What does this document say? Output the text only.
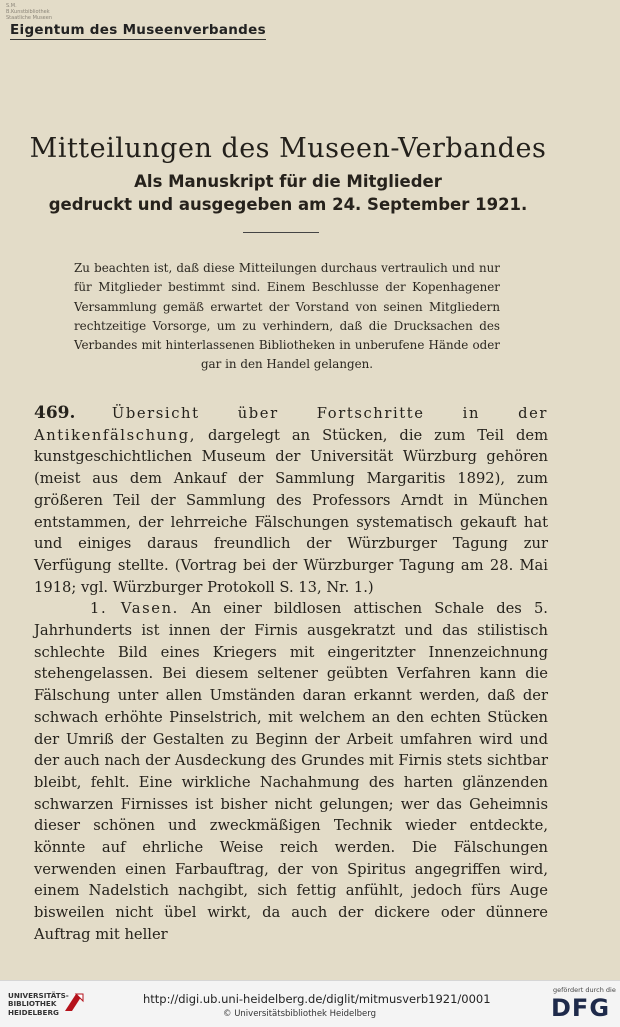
S.M.
B.Kunstbibliothek
Staatliche Museen
Eigentum des Museenverbandes
Mitteilungen des Museen-Verbandes
Als Manuskript für die Mitglieder
gedruckt und ausgegeben am 24. September 1921.
Zu beachten ist, daß diese Mitteilungen durchaus vertraulich und nur für Mitglieder bestimmt sind. Einem Beschlusse der Kopenhagener Versammlung gemäß erwartet der Vorstand von seinen Mitgliedern rechtzeitige Vorsorge, um zu verhindern, daß die Drucksachen des Verbandes mit hinterlassenen Bibliotheken in unberufene Hände oder gar in den Handel gelangen.

469. Übersicht über Fortschritte in der Antikenfälschung, dargelegt an Stücken, die zum Teil dem kunstgeschichtlichen Museum der Universität Würzburg gehören (meist aus dem Ankauf der Sammlung Margaritis 1892), zum größeren Teil der Sammlung des Professors Arndt in München entstammen, der lehrreiche Fälschungen systematisch gekauft hat und einiges daraus freundlich der Würzburger Tagung zur Verfügung stellte. (Vortrag bei der Würzburger Tagung am 28. Mai 1918; vgl. Würzburger Protokoll S. 13, Nr. 1.)

1. Vasen. An einer bildlosen attischen Schale des 5. Jahrhunderts ist innen der Firnis ausgekratzt und das stilistisch schlechte Bild eines Kriegers mit eingeritzter Innenzeichnung stehengelassen. Bei diesem seltener geübten Verfahren kann die Fälschung unter allen Umständen daran erkannt werden, daß der schwach erhöhte Pinselstrich, mit welchem an den echten Stücken der Umriß der Gestalten zu Beginn der Arbeit umfahren wird und der auch nach der Ausdeckung des Grundes mit Firnis stets sichtbar bleibt, fehlt. Eine wirkliche Nachahmung des harten glänzenden schwarzen Firnisses ist bisher nicht gelungen; wer das Geheimnis dieser schönen und zweckmäßigen Technik wieder entdeckte, könnte auf ehrliche Weise reich werden. Die Fälschungen verwenden einen Farbauftrag, der von Spiritus angegriffen wird, einem Nadelstich nachgibt, sich fettig anfühlt, jedoch fürs Auge bisweilen nicht übel wirkt, da auch der dickere oder dünnere Auftrag mit heller

UNIVERSITÄTS-
BIBLIOTHEK
HEIDELBERG
http://digi.ub.uni-heidelberg.de/diglit/mitmusverb1921/0001
© Universitätsbibliothek Heidelberg
gefördert durch die
DFG
